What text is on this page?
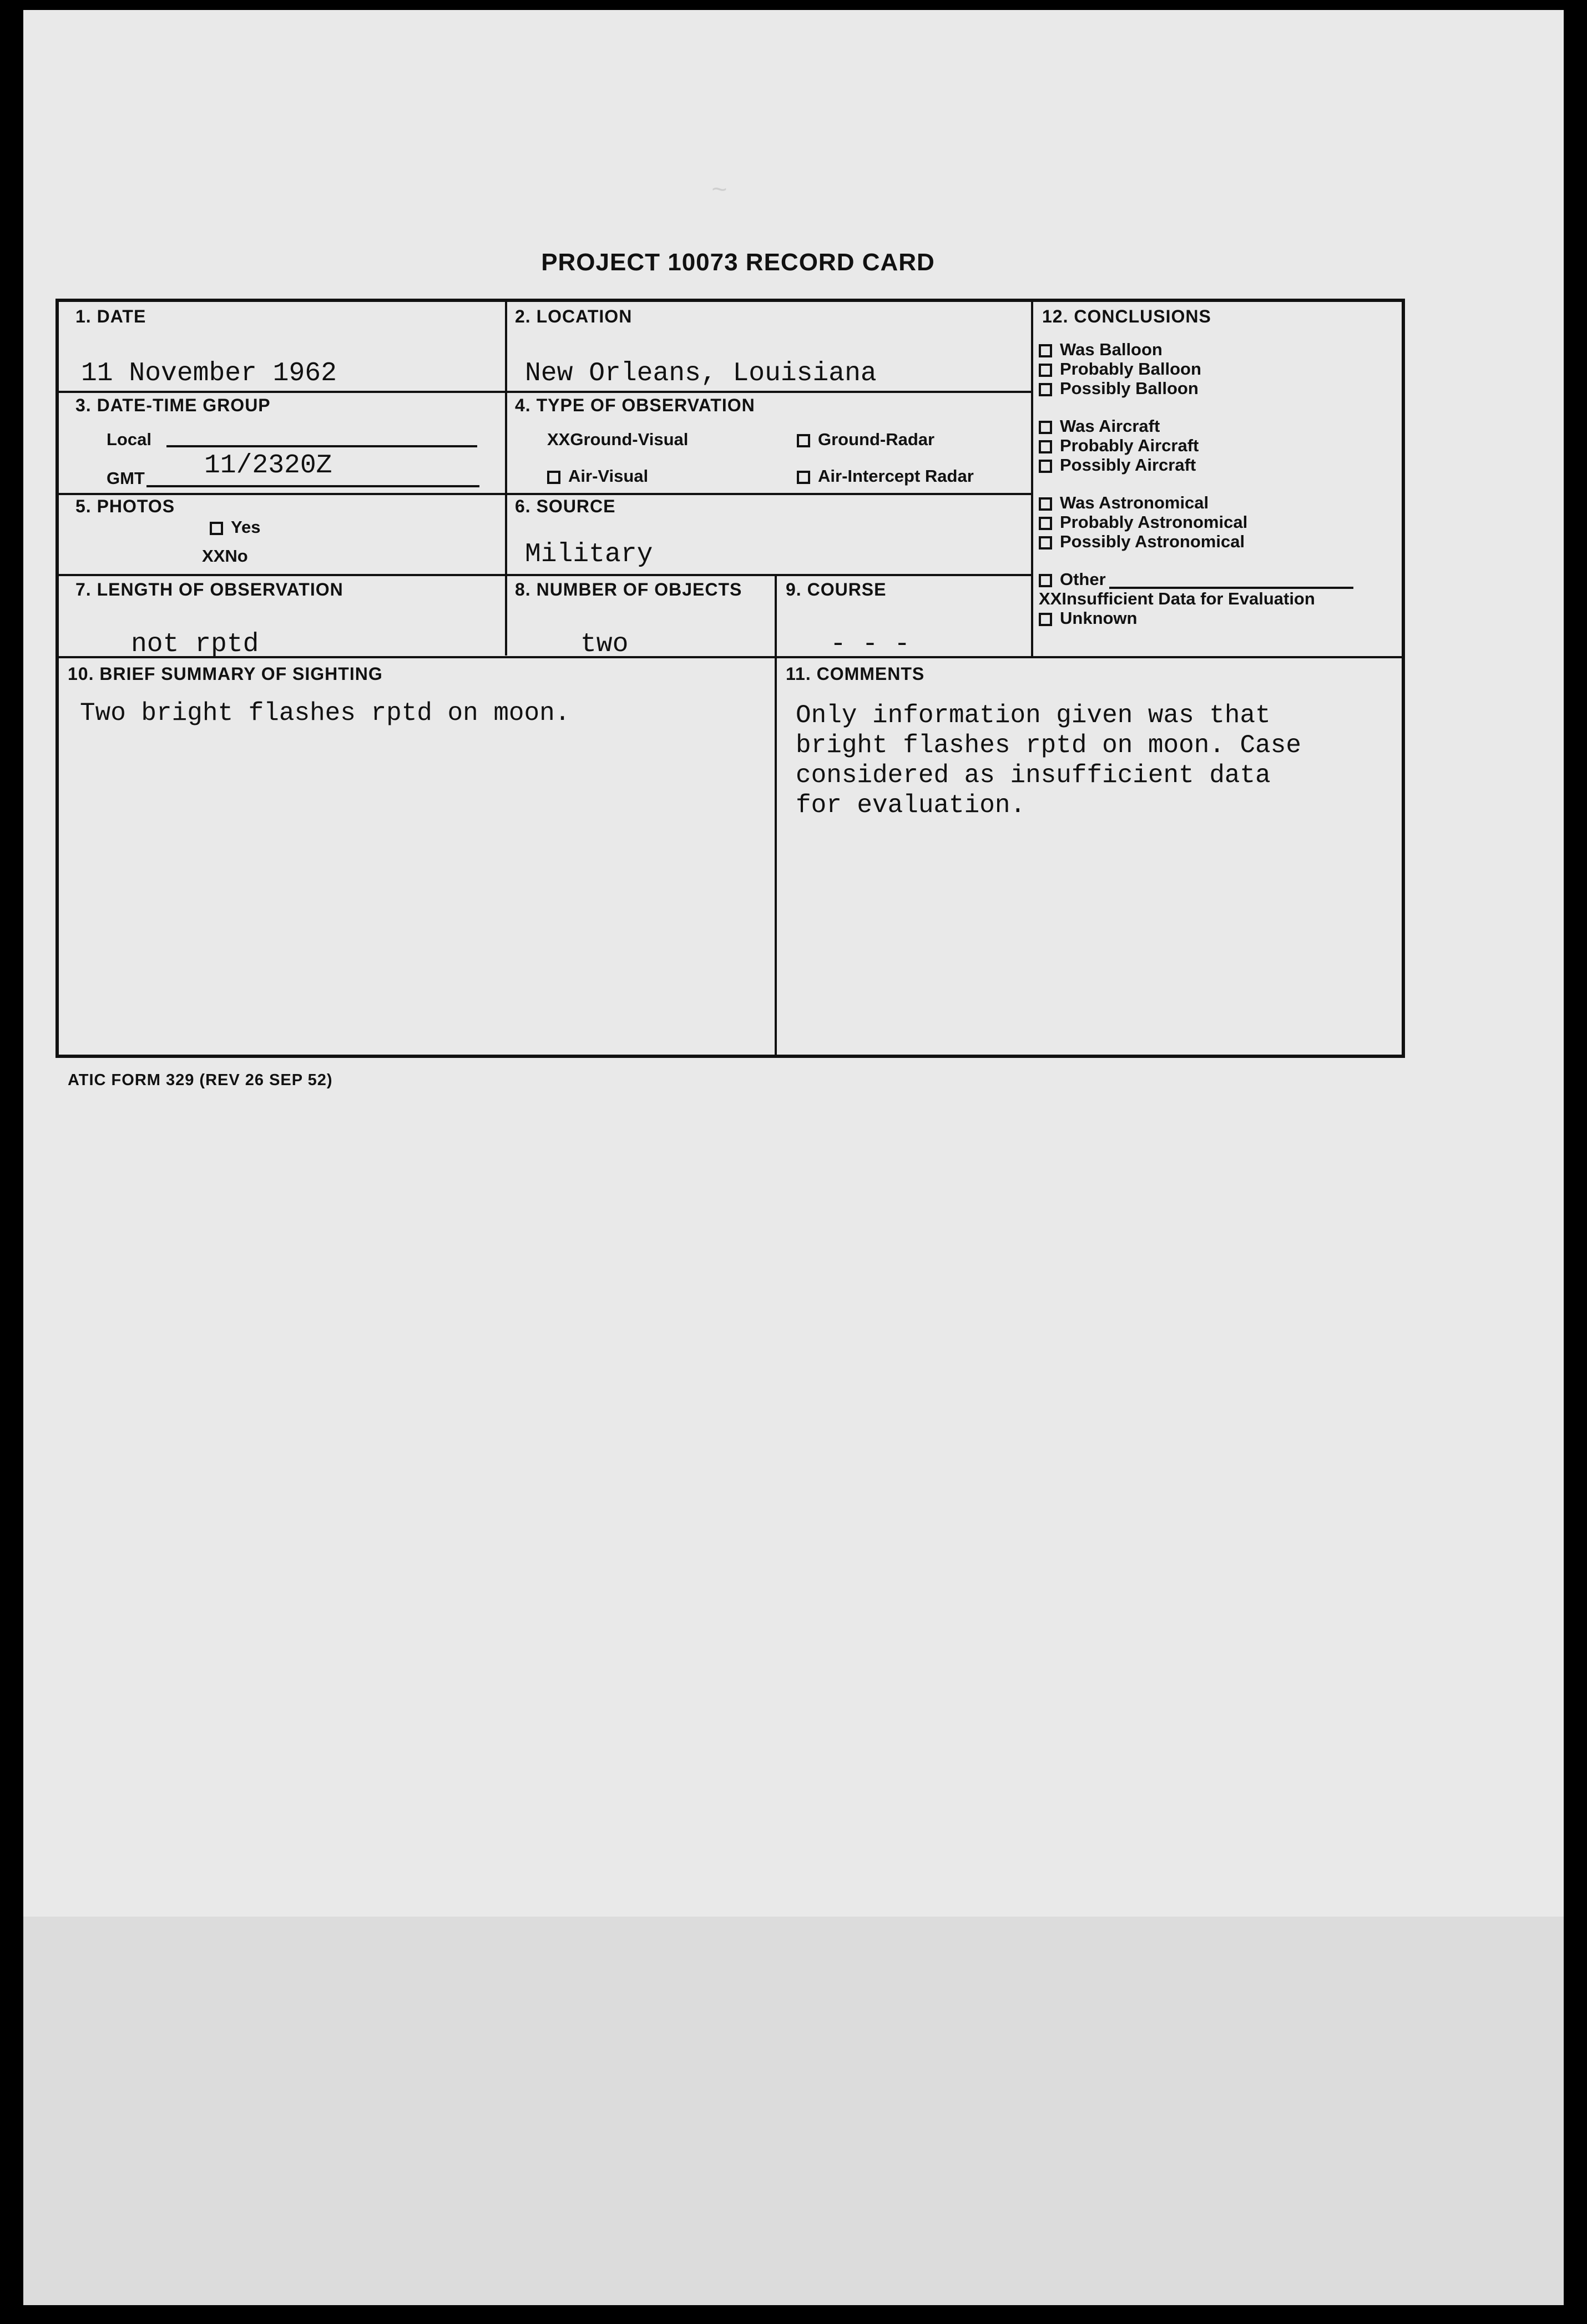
~
PROJECT 10073 RECORD CARD
1. DATE
11 November 1962
2. LOCATION
New Orleans, Louisiana
3. DATE-TIME GROUP
Local
GMT 11/2320Z
4. TYPE OF OBSERVATION
XXGround-Visual	Ground-Radar
Air-Visual	Air-Intercept Radar
5. PHOTOS
Yes
XXNo
6. SOURCE
Military
7. LENGTH OF OBSERVATION
not rptd
8. NUMBER OF OBJECTS
two
9. COURSE
- - -
10. BRIEF SUMMARY OF SIGHTING
Two bright flashes rptd on moon.
11. COMMENTS
Only information given was that
bright flashes rptd on moon. Case
considered as insufficient data
for evaluation.
12. CONCLUSIONS
Was Balloon
Probably Balloon
Possibly Balloon
Was Aircraft
Probably Aircraft
Possibly Aircraft
Was Astronomical
Probably Astronomical
Possibly Astronomical
Other
XXInsufficient Data for Evaluation
Unknown
ATIC FORM 329 (REV 26 SEP 52)
